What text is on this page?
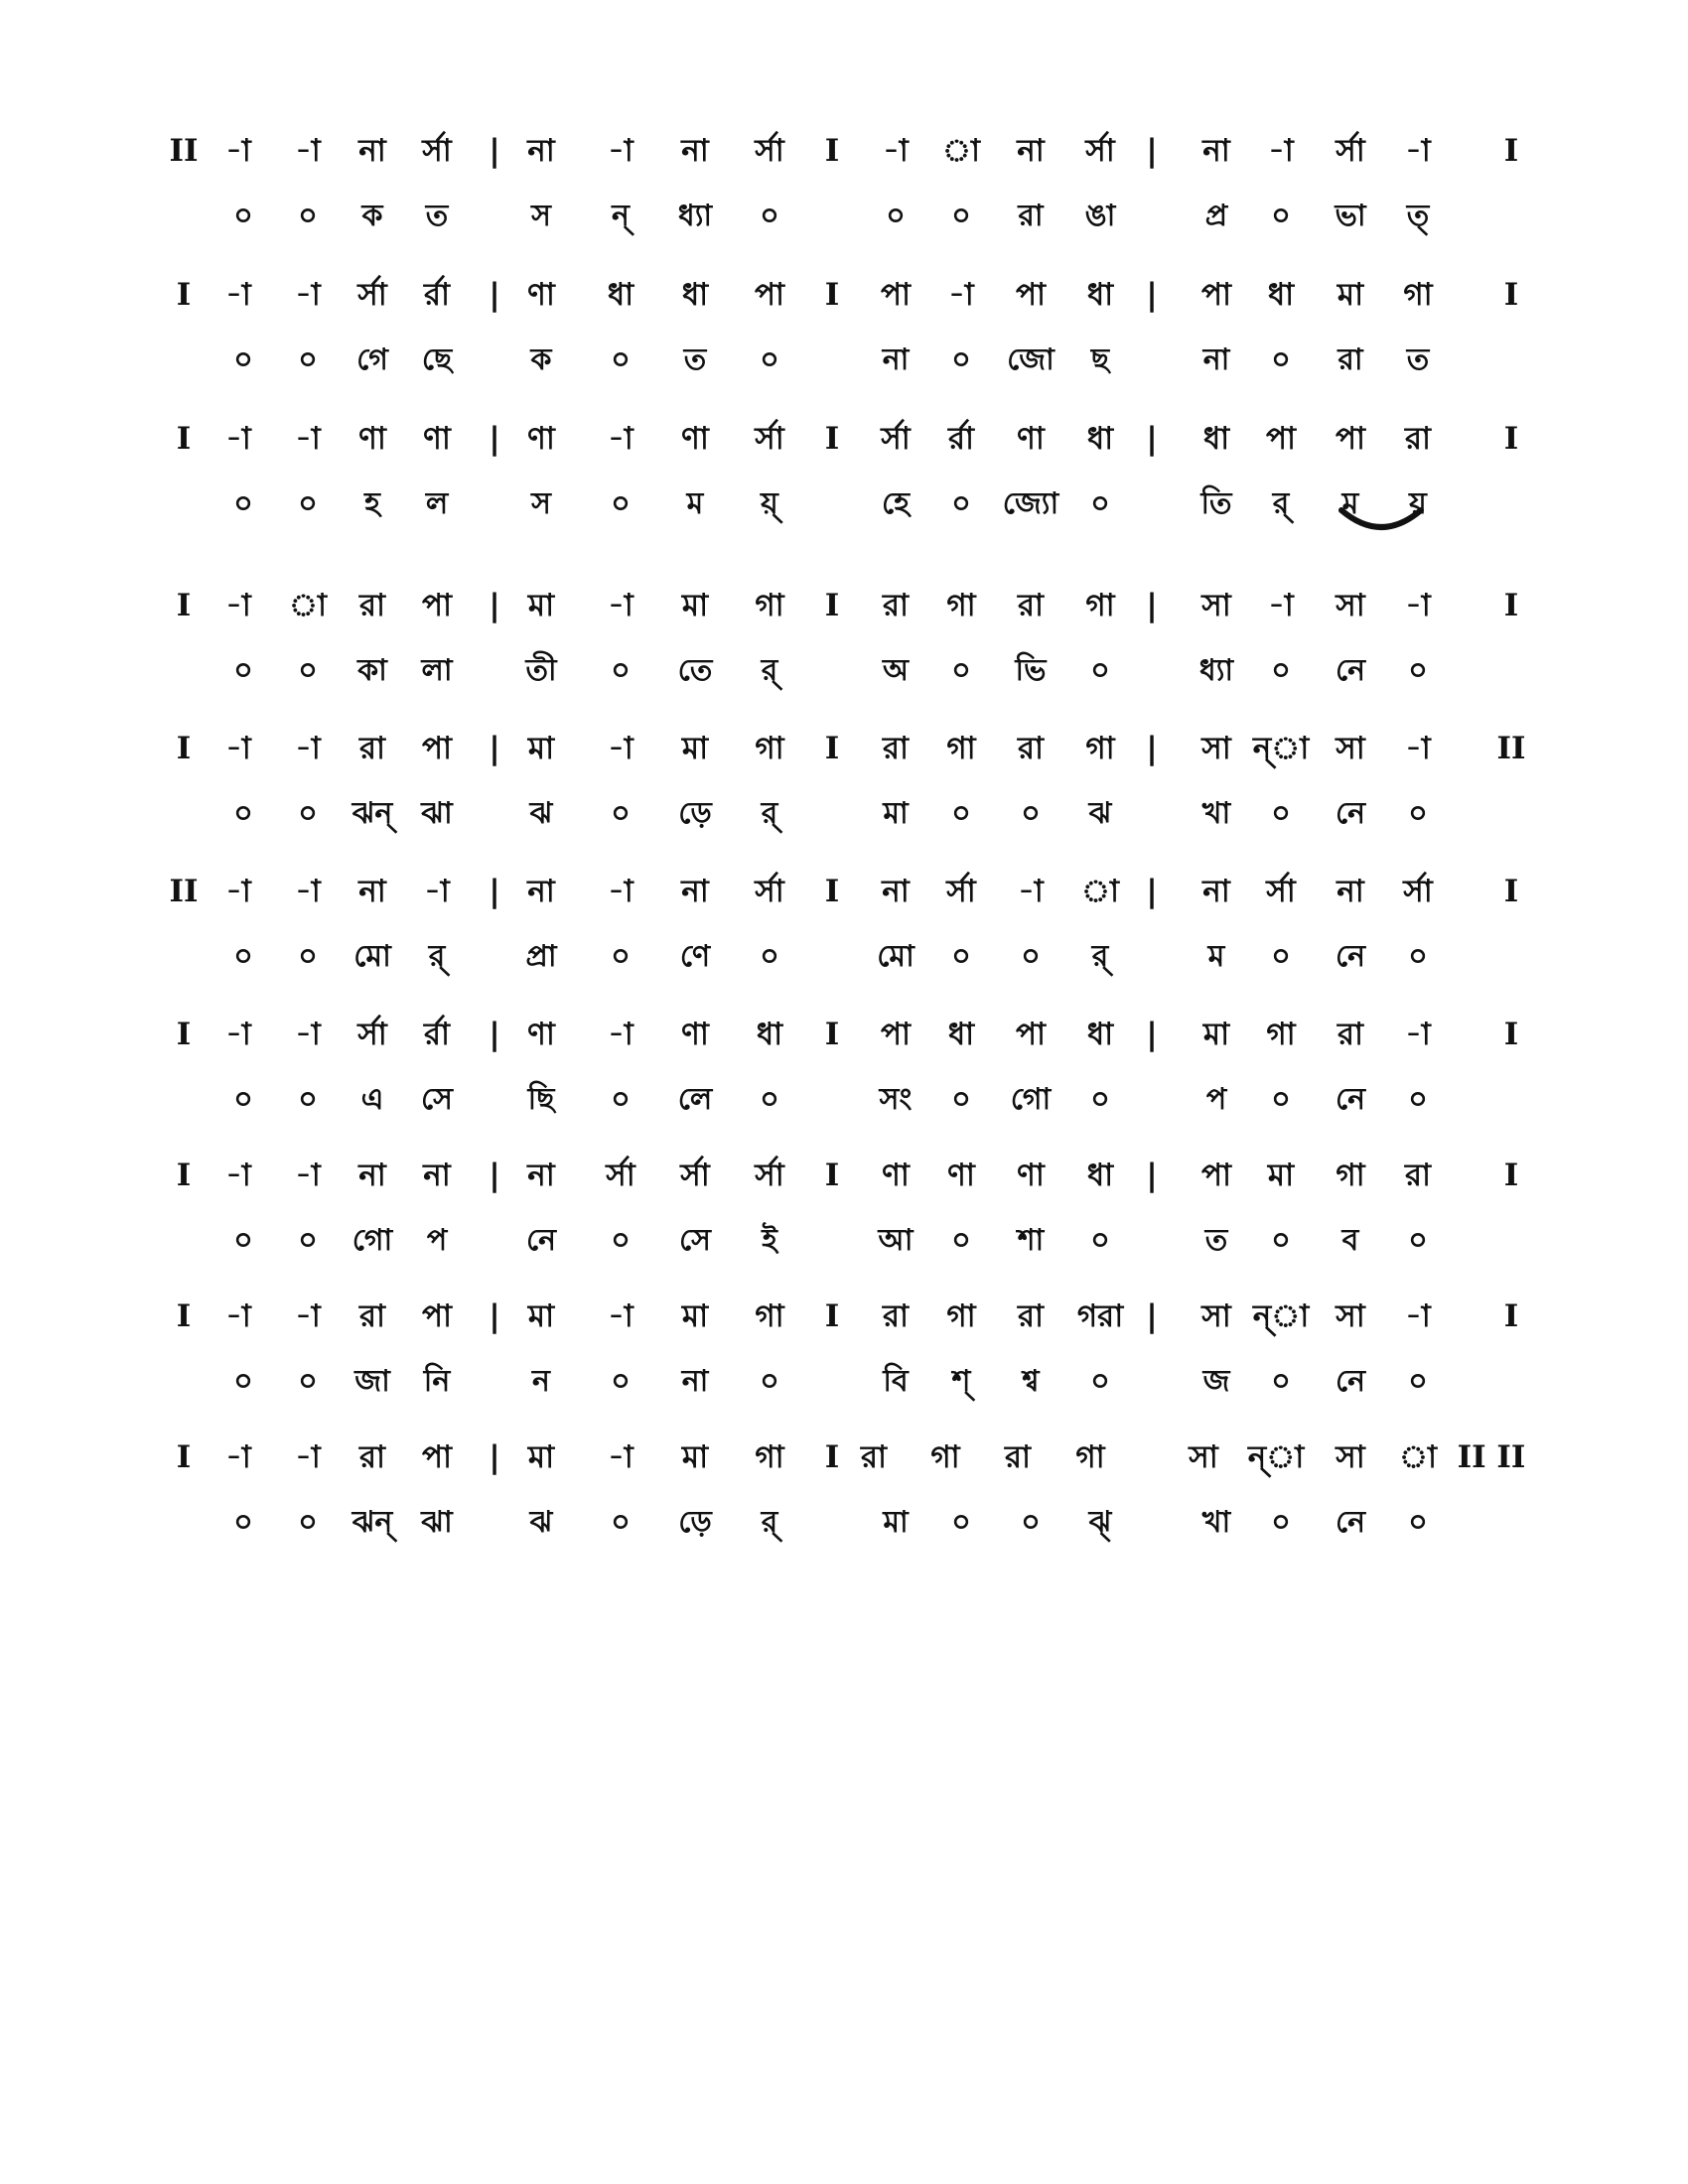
II -া -া না র্সা | না -া না র্সা I -া া না র্সা | না -া র্সা -া I
০ ০ ক ত	স ন্ ধ্যা ০	০ ০ রা ঙা	প্র ০ ভা ত্
I -া -া র্সা র্রা | ণা ধা ধা পা I পা -া পা ধা | পা ধা মা গা I
০ ০ গে ছে	ক ০ ত ০	না ০ জো ছ	না ০ রা ত
I -া -া ণা ণা | ণা -া ণা র্সা I র্সা র্রা ণা ধা | ধা পা পা রা I
০ ০ হ ল	স ০ ম য়্	হে ০ জ্যো ০	তি র্ ম য়
I -া া রা পা | মা -া মা গা I রা গা রা গা | সা -া সা -া I
০ ০ কা লা তী ০ তে র্	অ ০ ভি ০	ধ্যা ০ নে ০
I -া -া রা পা | মা -া মা গা I রা গা রা গা | সা ন্া সা -া II
০ ০ ঝন্ ঝা	ঝ ০ ড়ে র্	মা ০ ০ ঝ	খা ০ নে ০
II -া -া না -া | না -া না র্সা I না র্সা -া া | না র্সা না র্সা I
০ ০ মো র্	প্রা ০ ণে ০	মো ০ ০ র্	ম ০ নে ০
I -া -া র্সা র্রা | ণা -া ণা ধা I পা ধা পা ধা | মা গা রা -া I
০ ০ এ সে	ছি ০ লে ০	সং ০ গো ০	প ০ নে ০
I -া -া না না | না র্সা র্সা র্সা I ণা ণা ণা ধা | পা মা গা রা I
০ ০ গো প	নে ০ সে ই	আ ০ শা ০	ত ০ ব ০
I -া -া রা পা | মা -া মা গা I রা গা রা গরা | সা ন্া সা -া I
০ ০ জা নি	ন ০ না ০	বি শ্ শ্ব ০	জ ০ নে ০
I -া -া রা পা | মা -া মা গা I রা গা রা গা	সা ন্া সা া II II
০ ০ ঝন্ ঝা	ঝ ০ ড়ে র্	মা ০ ০ ঝ্	খা ০ নে ০
